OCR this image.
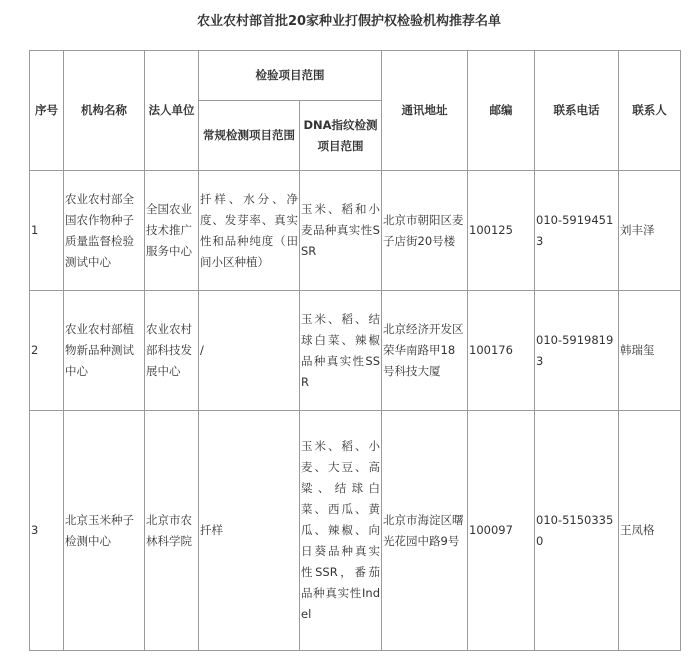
农业农村部首批20家种业打假护权检验机构推荐名单
序号	机构名称	法人单位	检验项目范围		通讯地址	邮编	联系电话	联系人
			常规检测项目范围	DNA指纹检测项目范围				
1	农业农村部全国农作物种子质量监督检验测试中心	全国农业技术推广服务中心	扦样、水分、净度、发芽率、真实性和品种纯度（田间小区种植）	玉米、稻和小麦品种真实性SSR	北京市朝阳区麦子店街20号楼	100125	010-59194513	刘丰泽
2	农业农村部植物新品种测试中心	农业农村部科技发展中心	/	玉米、稻、结球白菜、辣椒品种真实性SSR	北京经济开发区荣华南路甲18号科技大厦	100176	010-59198193	韩瑞玺
3	北京玉米种子检测中心	北京市农林科学院	扦样	玉米、稻、小麦、大豆、高粱、结球白菜、西瓜、黄瓜、辣椒、向日葵品种真实性SSR，番茄品种真实性Indel	北京市海淀区曙光花园中路9号	100097	010-51503350	王凤格
